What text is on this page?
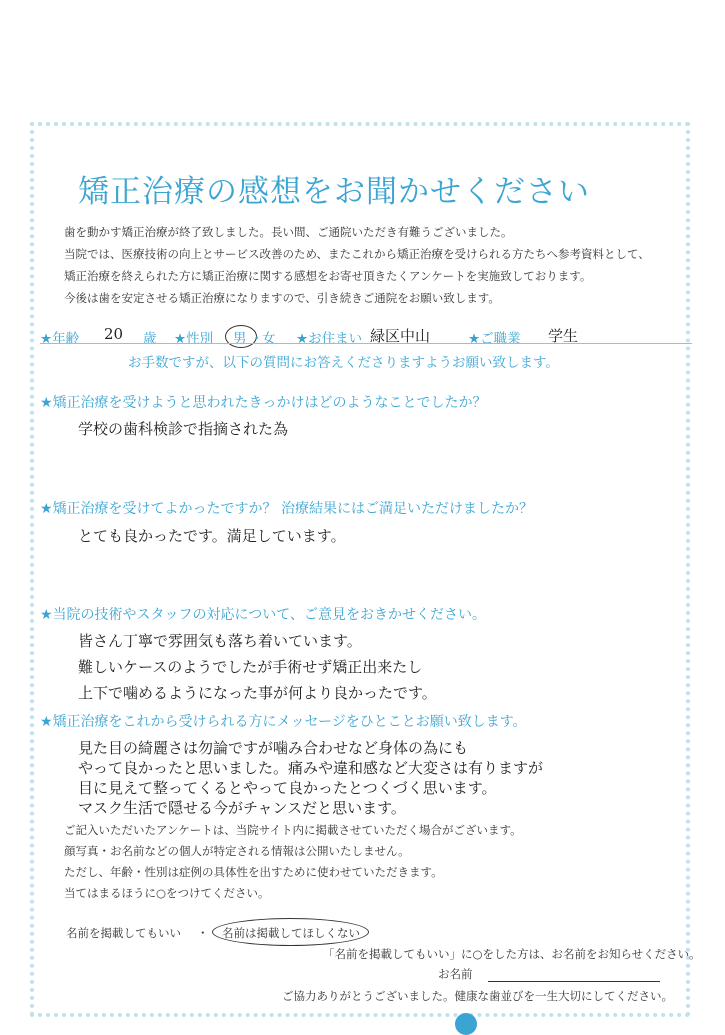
矯正治療の感想をお聞かせください
歯を動かす矯正治療が終了致しました。長い間、ご通院いただき有難うございました。
当院では、医療技術の向上とサービス改善のため、またこれから矯正治療を受けられる方たちへ参考資料として、
矯正治療を終えられた方に矯正治療に関する感想をお寄せ頂きたくアンケートを実施致しております。
今後は歯を安定させる矯正治療になりますので、引き続きご通院をお願い致します。
★年齢 20 歳 ★性別 男 ・
女 ★お住まい 緑区中山	★ご職業 学生
お手数ですが、以下の質問にお答えくださりますようお願い致します。
★矯正治療を受けようと思われたきっかけはどのようなことでしたか？
学校の歯科検診で指摘された為
★矯正治療を受けてよかったですか？ 治療結果にはご満足いただけましたか？
とても良かったです。満足しています。
★当院の技術やスタッフの対応について、ご意見をおきかせください。
皆さん丁寧で雰囲気も落ち着いています。
難しいケースのようでしたが手術せず矯正出来たし
上下で噛めるようになった事が何より良かったです。
★矯正治療をこれから受けられる方にメッセージをひとことお願い致します。
見た目の綺麗さは勿論ですが噛み合わせなど身体の為にも
やって良かったと思いました。痛みや違和感など大変さは有りますが
目に見えて整ってくるとやって良かったとつくづく思います。
マスク生活で隠せる今がチャンスだと思います。
ご記入いただいたアンケートは、当院サイト内に掲載させていただく場合がございます。
顔写真・お名前などの個人が特定される情報は公開いたしません。
ただし、年齢・性別は症例の具体性を出すために使わせていただきます。
当てはまるほうに○をつけてください。
名前を掲載してもいい ・ 名前は掲載してほしくない
「名前を掲載してもいい」に○をした方は、お名前をお知らせください。
お名前
ご協力ありがとうございました。健康な歯並びを一生大切にしてください。
